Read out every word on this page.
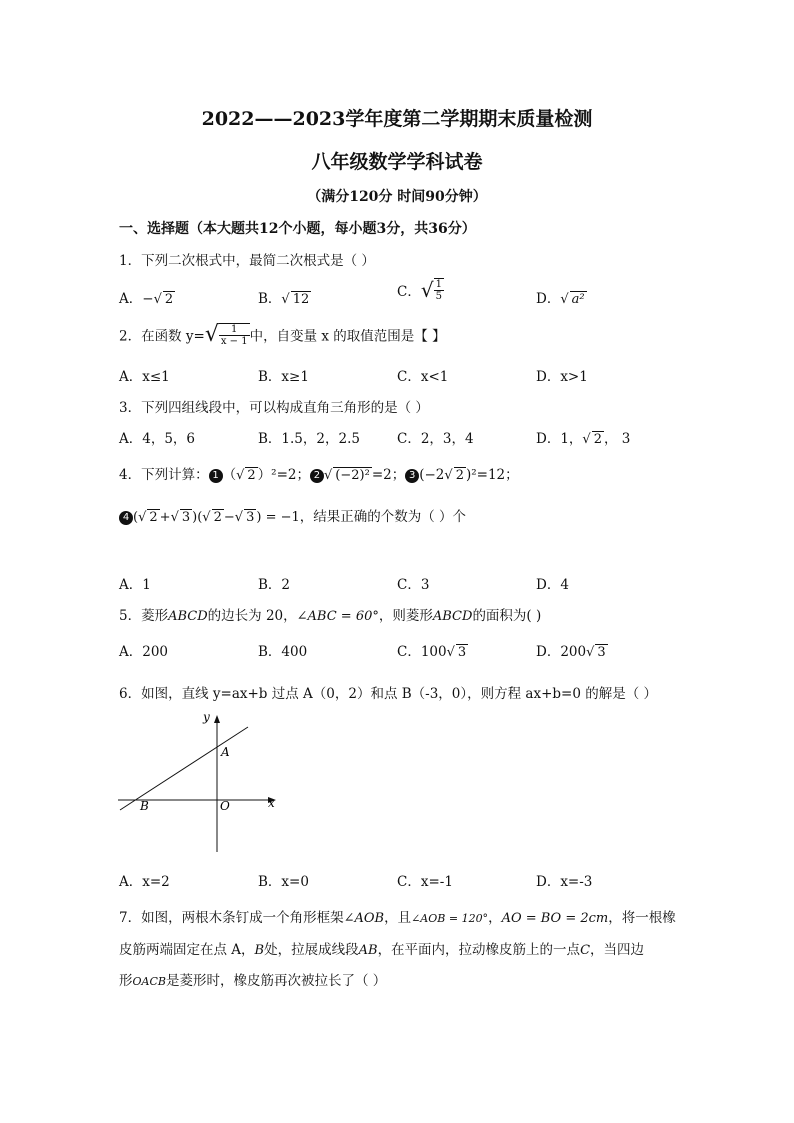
2022——2023学年度第二学期期末质量检测
八年级数学学科试卷
（满分120分 时间90分钟）
一、选择题（本大题共12个小题，每小题3分，共36分）
1．下列二次根式中，最简二次根式是（ ）
A．−√ 2	B．√ 12	C．√ $\frac{1}{5}$	D．√ a²
2．在函数 $y=√ \frac{1}{x - 1}$ 中，自变量 x 的取值范围是【 】
A．x≤1	B．x≥1	C．x<1	D．x>1
3．下列四组线段中，可以构成直角三角形的是（ ）
A．4，5，6	B．1.5，2，2.5	C．2，3，4	D．1，√ 2 ， 3
4．下列计算： 1 （√ 2 ）²=2； 2 √ (−2)² =2； 3 (−2√ 2 )²=12；
4 (√ 2 +√ 3 )(√ 2 −√ 3 ) = −1，结果正确的个数为（ ）个
A．1	B．2	C．3	D．4
5．菱形ABCD的边长为 20，∠ABC = 60°，则菱形ABCD的面积为( )
A．200	B．400	C．100√ 3	D．200√ 3
6．如图，直线 y=ax+b 过点 A（0，2）和点 B（-3，0），则方程 ax+b=0 的解是（ ）
y
x
A
B	O
A．x=2	B．x=0	C．x=-1	D．x=-3
7．如图，两根木条钉成一个角形框架∠AOB，且∠AOB = 120°，AO = BO = 2cm，将一根橡
皮筋两端固定在点 A，B处，拉展成线段AB，在平面内，拉动橡皮筋上的一点C，当四边
形OACB是菱形时，橡皮筋再次被拉长了（ ）
